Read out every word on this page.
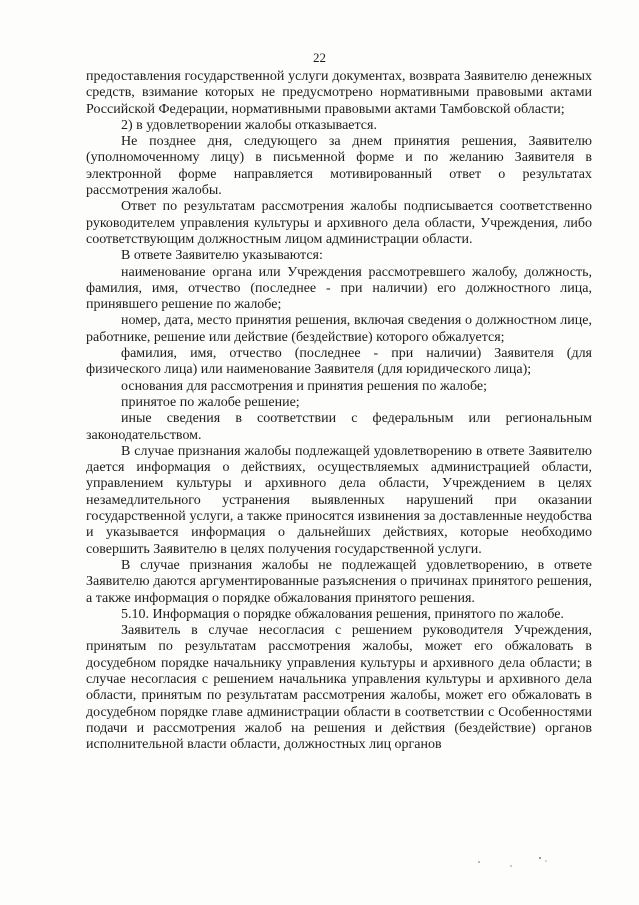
22

предоставления государственной услуги документах, возврата Заявителю денежных средств, взимание которых не предусмотрено нормативными правовыми актами Российской Федерации, нормативными правовыми актами Тамбовской области;

2) в удовлетворении жалобы отказывается.

Не позднее дня, следующего за днем принятия решения, Заявителю (уполномоченному лицу) в письменной форме и по желанию Заявителя в электронной форме направляется мотивированный ответ о результатах рассмотрения жалобы.

Ответ по результатам рассмотрения жалобы подписывается соответственно руководителем управления культуры и архивного дела области, Учреждения, либо соответствующим должностным лицом администрации области.

В ответе Заявителю указываются:

наименование органа или Учреждения рассмотревшего жалобу, должность, фамилия, имя, отчество (последнее - при наличии) его должностного лица, принявшего решение по жалобе;

номер, дата, место принятия решения, включая сведения о должностном лице, работнике, решение или действие (бездействие) которого обжалуется;

фамилия, имя, отчество (последнее - при наличии) Заявителя (для физического лица) или наименование Заявителя (для юридического лица);

основания для рассмотрения и принятия решения по жалобе;

принятое по жалобе решение;

иные сведения в соответствии с федеральным или региональным законодательством.

В случае признания жалобы подлежащей удовлетворению в ответе Заявителю дается информация о действиях, осуществляемых администрацией области, управлением культуры и архивного дела области, Учреждением в целях незамедлительного устранения выявленных нарушений при оказании государственной услуги, а также приносятся извинения за доставленные неудобства и указывается информация о дальнейших действиях, которые необходимо совершить Заявителю в целях получения государственной услуги.

В случае признания жалобы не подлежащей удовлетворению, в ответе Заявителю даются аргументированные разъяснения о причинах принятого решения, а также информация о порядке обжалования принятого решения.

5.10. Информация о порядке обжалования решения, принятого по жалобе.

Заявитель в случае несогласия с решением руководителя Учреждения, принятым по результатам рассмотрения жалобы, может его обжаловать в досудебном порядке начальнику управления культуры и архивного дела области; в случае несогласия с решением начальника управления культуры и архивного дела области, принятым по результатам рассмотрения жалобы, может его обжаловать в досудебном порядке главе администрации области в соответствии с Особенностями подачи и рассмотрения жалоб на решения и действия (бездействие) органов исполнительной власти области, должностных лиц органов
